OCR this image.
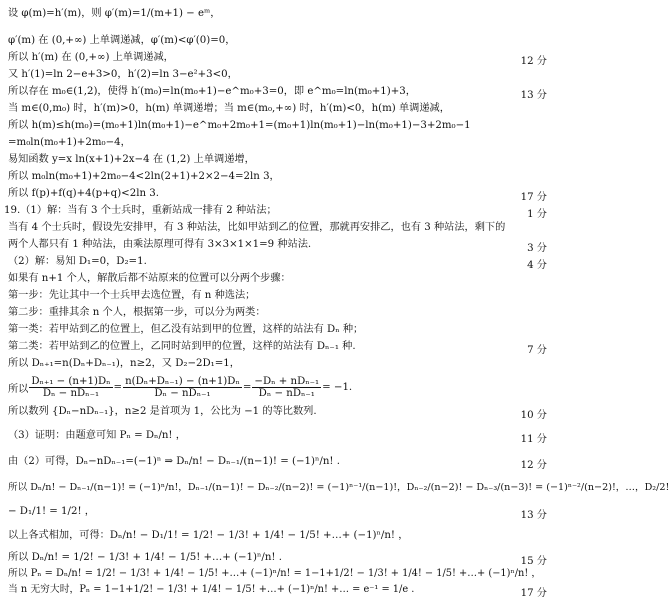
设 φ(m)=h′(m)，则 φ′(m)=1/(m+1) − eᵐ，
φ′(m) 在 (0,+∞) 上单调递减，φ′(m)<φ′(0)=0，
所以 h′(m) 在 (0,+∞) 上单调递减，	12 分
又 h′(1)=ln 2−e+3>0，h′(2)=ln 3−e²+3<0，
所以存在 m₀∈(1,2)，使得 h′(m₀)=ln(m₀+1)−e^m₀+3=0，即 e^m₀=ln(m₀+1)+3，	13 分
当 m∈(0,m₀) 时，h′(m)>0，h(m) 单调递增；当 m∈(m₀,+∞) 时，h′(m)<0，h(m) 单调递减，
所以 h(m)≤h(m₀)=(m₀+1)ln(m₀+1)−e^m₀+2m₀+1=(m₀+1)ln(m₀+1)−ln(m₀+1)−3+2m₀−1
=m₀ln(m₀+1)+2m₀−4，
易知函数 y=x ln(x+1)+2x−4 在 (1,2) 上单调递增，
所以 m₀ln(m₀+1)+2m₀−4<2ln(2+1)+2×2−4=2ln 3，
所以 f(p)+f(q)+4(p+q)<2ln 3.	17 分
19.（1）解：当有 3 个士兵时，重新站成一排有 2 种站法；	1 分
当有 4 个士兵时，假设先安排甲，有 3 种站法，比如甲站到乙的位置，那就再安排乙，也有 3 种站法，剩下的
两个人都只有 1 种站法，由乘法原理可得有 3×3×1×1=9 种站法.	3 分
（2）解：易知 D₁=0，D₂=1.	4 分
如果有 n+1 个人，解散后都不站原来的位置可以分两个步骤：
第一步：先让其中一个士兵甲去选位置，有 n 种选法；
第二步：重排其余 n 个人，根据第一步，可以分为两类：
第一类：若甲站到乙的位置上，但乙没有站到甲的位置，这样的站法有 Dₙ 种；
第二类：若甲站到乙的位置上，乙同时站到甲的位置，这样的站法有 Dₙ₋₁ 种.	7 分
所以 Dₙ₊₁=n(Dₙ+Dₙ₋₁)，n≥2，又 D₂−2D₁=1，
所以 $\frac{\text{Dₙ₊₁ − (n+1)Dₙ}}{\text{Dₙ − nDₙ₋₁}} = \frac{\text{n(Dₙ+Dₙ₋₁) − (n+1)Dₙ}}{\text{Dₙ − nDₙ₋₁}} = \frac{\text{−Dₙ + nDₙ₋₁}}{\text{Dₙ − nDₙ₋₁}} = -1$.
所以数列 {Dₙ−nDₙ₋₁}，n≥2 是首项为 1，公比为 −1 的等比数列.	10 分
（3）证明：由题意可知 Pₙ = Dₙ/n! ，	11 分
由（2）可得，Dₙ−nDₙ₋₁=(−1)ⁿ ⇒ Dₙ/n! − Dₙ₋₁/(n−1)! = (−1)ⁿ/n! .	12 分
所以 Dₙ/n! − Dₙ₋₁/(n−1)! = (−1)ⁿ/n!，Dₙ₋₁/(n−1)! − Dₙ₋₂/(n−2)! = (−1)ⁿ⁻¹/(n−1)!，Dₙ₋₂/(n−2)! − Dₙ₋₃/(n−3)! = (−1)ⁿ⁻²/(n−2)!，…，D₂/2!
− D₁/1! = 1/2! ，	13 分
以上各式相加，可得：Dₙ/n! − D₁/1! = 1/2! − 1/3! + 1/4! − 1/5! +…+ (−1)ⁿ/n! ，
所以 Dₙ/n! = 1/2! − 1/3! + 1/4! − 1/5! +…+ (−1)ⁿ/n! .	15 分
所以 Pₙ = Dₙ/n! = 1/2! − 1/3! + 1/4! − 1/5! +…+ (−1)ⁿ/n! = 1−1+1/2! − 1/3! + 1/4! − 1/5! +…+ (−1)ⁿ/n! ，
当 n 无穷大时，Pₙ = 1−1+1/2! − 1/3! + 1/4! − 1/5! +…+ (−1)ⁿ/n! +… = e⁻¹ = 1/e .	17 分
